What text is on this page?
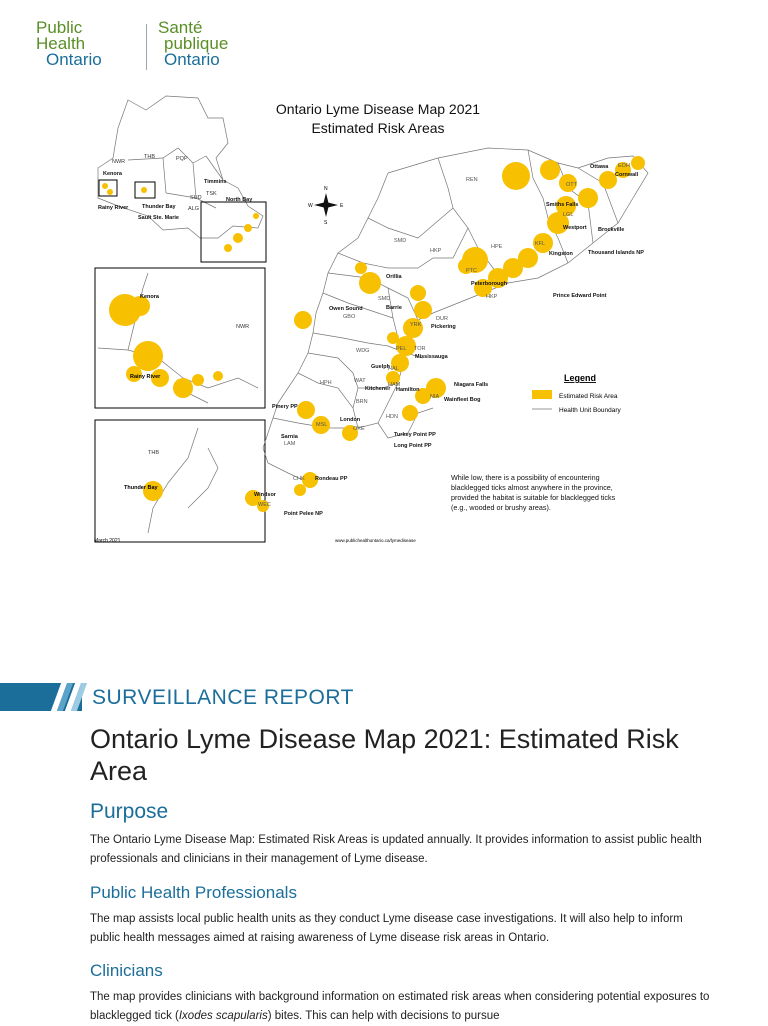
Public
Health
Ontario
Santé
publique
Ontario
Ontario Lyme Disease Map 2021
Estimated Risk Areas
NWR
THB	PQP
TSK
SUD
ALG
Kenora
Rainy River Thunder Bay
Sault Ste. Marie
Timmins
North Bay
Kenora
Rainy River
NWR
THB
Thunder Bay
N
S
E
W
REN
EOH
OTT
LGL
KFL
HPE
HKP
SMD
PTC
HKP
SMD
DUR
YRK
TOR
PEL
GBO
WDG
HPH	WAT
HAL
HAM
NIA
BRN
HDN
OXE
MSL
LAM
CHK
WEC
Ottawa
Cornwall
Smiths Falls
Brockville
Westport
Kingston	Thousand Islands NP
Peterborough
Prince Edward Point
Orillia
Owen Sound	Barrie
Pickering
Mississauga
Guelph
Kitchener Hamilton
Niagara Falls
Wainfleet Bog
Pinery PP
London
Sarnia	Turkey Point PP
Long Point PP
Rondeau PP
Windsor
Point Pelee NP
Legend
Estimated Risk Area
Health Unit Boundary
While low, there is a possibility of encountering
blacklegged ticks almost anywhere in the province,
provided the habitat is suitable for blacklegged ticks
(e.g., wooded or brushy areas).
March 2021	www.publichealthontario.ca/lymedisease
SURVEILLANCE REPORT
Ontario Lyme Disease Map 2021: Estimated Risk Area
Purpose

The Ontario Lyme Disease Map: Estimated Risk Areas is updated annually. It provides information to assist public health professionals and clinicians in their management of Lyme disease.

Public Health Professionals

The map assists local public health units as they conduct Lyme disease case investigations. It will also help to inform public health messages aimed at raising awareness of Lyme disease risk areas in Ontario.

Clinicians

The map provides clinicians with background information on estimated risk areas when considering potential exposures to blacklegged tick (Ixodes scapularis) bites. This can help with decisions to pursue
